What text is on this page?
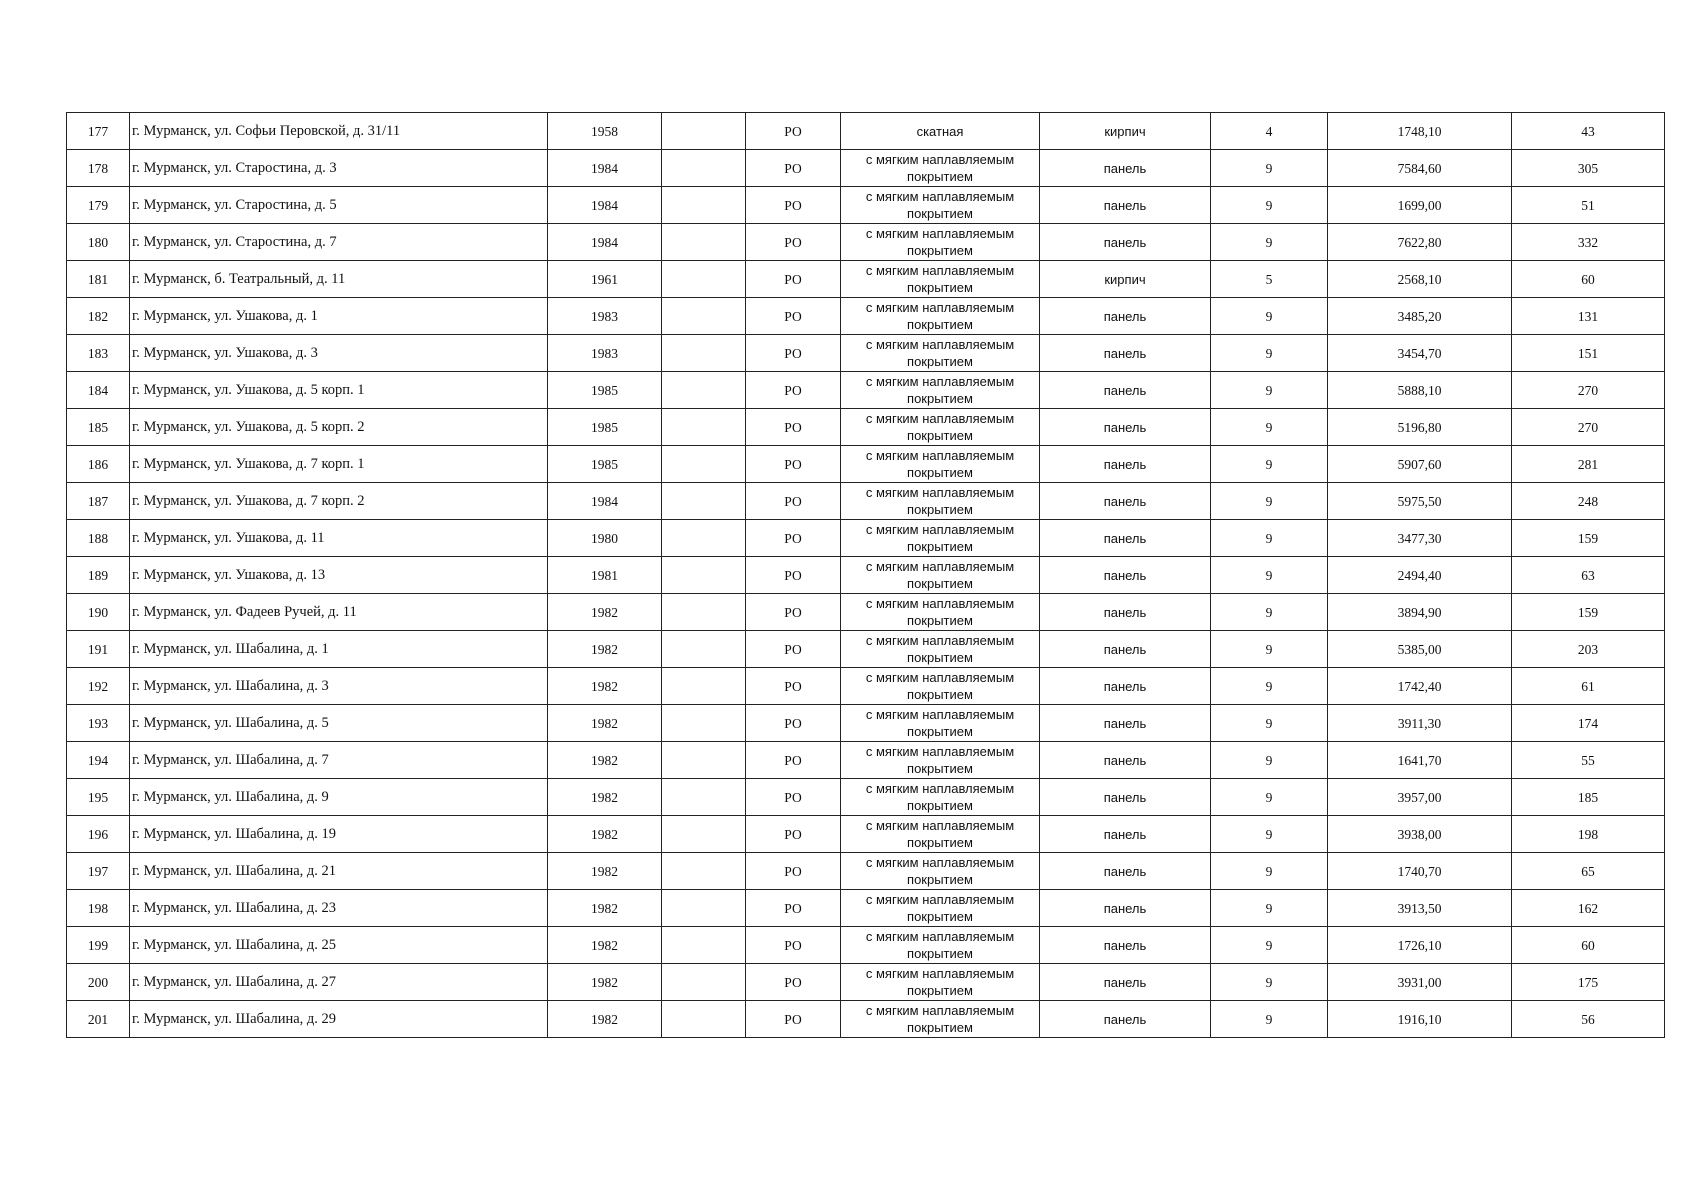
177	г. Мурманск, ул. Софьи Перовской, д. 31/11	1958		РО	скатная	кирпич	4	1748,10	43
178	г. Мурманск, ул. Старостина, д. 3	1984		РО	с мягким наплавляемым покрытием	панель	9	7584,60	305
179	г. Мурманск, ул. Старостина, д. 5	1984		РО	с мягким наплавляемым покрытием	панель	9	1699,00	51
180	г. Мурманск, ул. Старостина, д. 7	1984		РО	с мягким наплавляемым покрытием	панель	9	7622,80	332
181	г. Мурманск, б. Театральный, д. 11	1961		РО	с мягким наплавляемым покрытием	кирпич	5	2568,10	60
182	г. Мурманск, ул. Ушакова, д. 1	1983		РО	с мягким наплавляемым покрытием	панель	9	3485,20	131
183	г. Мурманск, ул. Ушакова, д. 3	1983		РО	с мягким наплавляемым покрытием	панель	9	3454,70	151
184	г. Мурманск, ул. Ушакова, д. 5 корп. 1	1985		РО	с мягким наплавляемым покрытием	панель	9	5888,10	270
185	г. Мурманск, ул. Ушакова, д. 5 корп. 2	1985		РО	с мягким наплавляемым покрытием	панель	9	5196,80	270
186	г. Мурманск, ул. Ушакова, д. 7 корп. 1	1985		РО	с мягким наплавляемым покрытием	панель	9	5907,60	281
187	г. Мурманск, ул. Ушакова, д. 7 корп. 2	1984		РО	с мягким наплавляемым покрытием	панель	9	5975,50	248
188	г. Мурманск, ул. Ушакова, д. 11	1980		РО	с мягким наплавляемым покрытием	панель	9	3477,30	159
189	г. Мурманск, ул. Ушакова, д. 13	1981		РО	с мягким наплавляемым покрытием	панель	9	2494,40	63
190	г. Мурманск, ул. Фадеев Ручей, д. 11	1982		РО	с мягким наплавляемым покрытием	панель	9	3894,90	159
191	г. Мурманск, ул. Шабалина, д. 1	1982		РО	с мягким наплавляемым покрытием	панель	9	5385,00	203
192	г. Мурманск, ул. Шабалина, д. 3	1982		РО	с мягким наплавляемым покрытием	панель	9	1742,40	61
193	г. Мурманск, ул. Шабалина, д. 5	1982		РО	с мягким наплавляемым покрытием	панель	9	3911,30	174
194	г. Мурманск, ул. Шабалина, д. 7	1982		РО	с мягким наплавляемым покрытием	панель	9	1641,70	55
195	г. Мурманск, ул. Шабалина, д. 9	1982		РО	с мягким наплавляемым покрытием	панель	9	3957,00	185
196	г. Мурманск, ул. Шабалина, д. 19	1982		РО	с мягким наплавляемым покрытием	панель	9	3938,00	198
197	г. Мурманск, ул. Шабалина, д. 21	1982		РО	с мягким наплавляемым покрытием	панель	9	1740,70	65
198	г. Мурманск, ул. Шабалина, д. 23	1982		РО	с мягким наплавляемым покрытием	панель	9	3913,50	162
199	г. Мурманск, ул. Шабалина, д. 25	1982		РО	с мягким наплавляемым покрытием	панель	9	1726,10	60
200	г. Мурманск, ул. Шабалина, д. 27	1982		РО	с мягким наплавляемым покрытием	панель	9	3931,00	175
201	г. Мурманск, ул. Шабалина, д. 29	1982		РО	с мягким наплавляемым покрытием	панель	9	1916,10	56
